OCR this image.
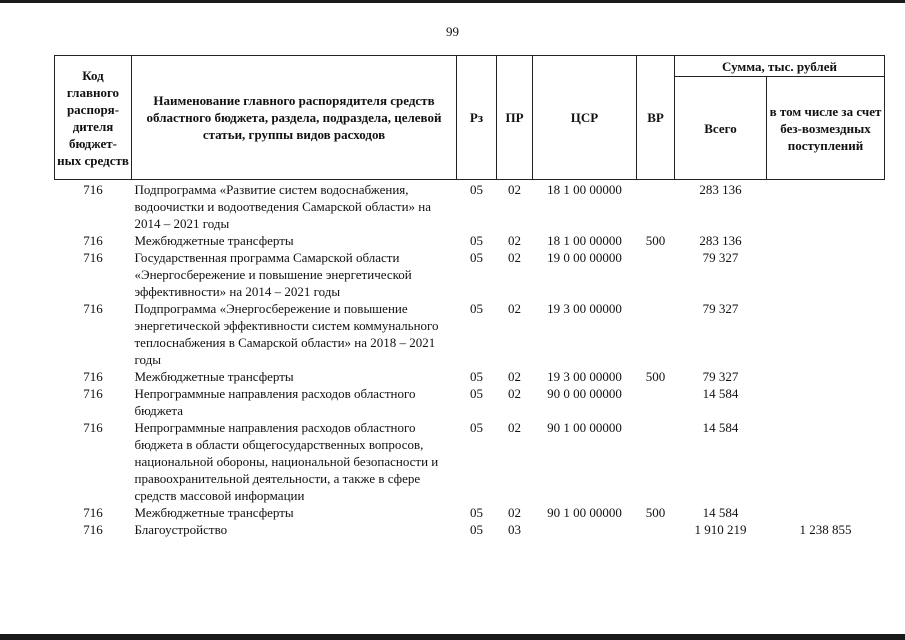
99
Код главного распоря-дителя бюджет-ных средств	Наименование главного распорядителя средств областного бюджета, раздела, подраздела, целевой статьи, группы видов расходов	Рз	ПР	ЦСР	ВР	Сумма, тыс. рублей	
						Всего	в том числе за счет без-возмездных поступлений
716	Подпрограмма «Развитие систем водоснабжения, водоочистки и водоотведения Самарской области» на 2014 – 2021 годы	05	02	18 1 00 00000		283 136	
716	Межбюджетные трансферты	05	02	18 1 00 00000	500	283 136	
716	Государственная программа Самарской области «Энергосбережение и повышение энергетической эффективности» на 2014 – 2021 годы	05	02	19 0 00 00000		79 327	
716	Подпрограмма «Энергосбережение и повышение энергетической эффективности систем коммунального теплоснабжения в Самарской области» на 2018 – 2021 годы	05	02	19 3 00 00000		79 327	
716	Межбюджетные трансферты	05	02	19 3 00 00000	500	79 327	
716	Непрограммные направления расходов областного бюджета	05	02	90 0 00 00000		14 584	
716	Непрограммные направления расходов областного бюджета в области общегосударственных вопросов, национальной обороны, национальной безопасности и правоохранительной деятельности, а также в сфере средств массовой информации	05	02	90 1 00 00000		14 584	
716	Межбюджетные трансферты	05	02	90 1 00 00000	500	14 584	
716	Благоустройство	05	03			1 910 219	1 238 855
